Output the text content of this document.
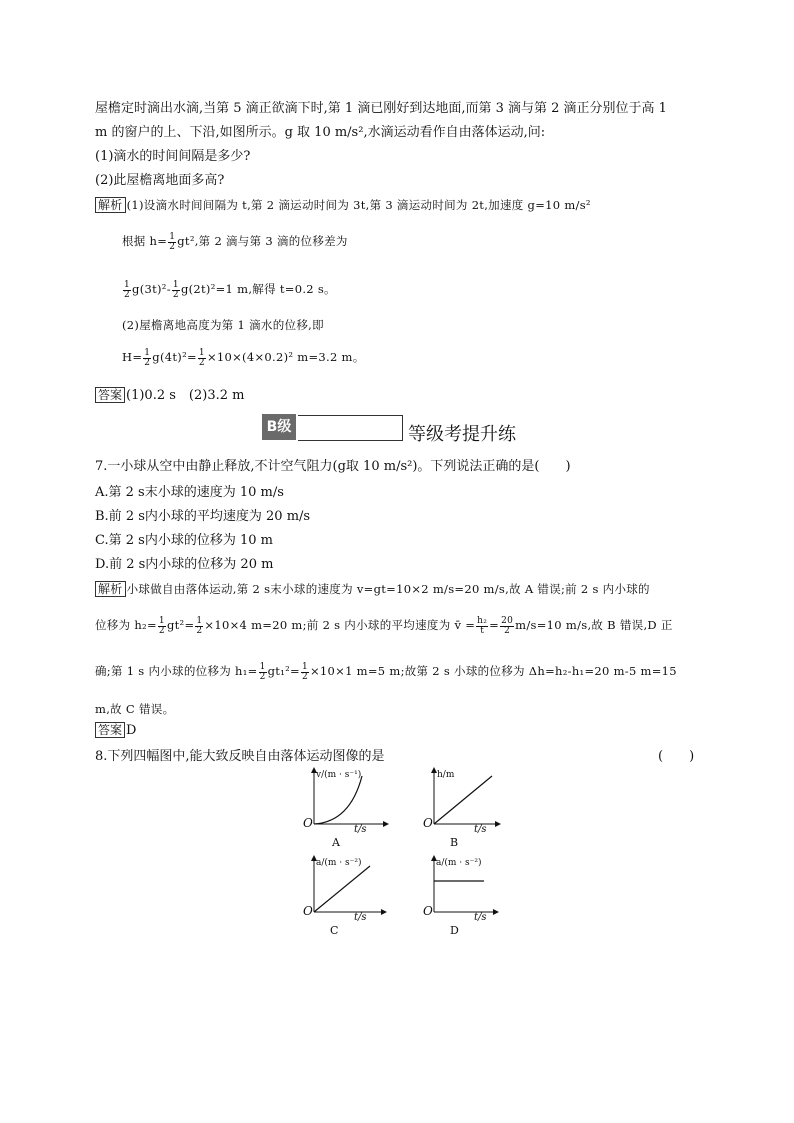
屋檐定时滴出水滴,当第 5 滴正欲滴下时,第 1 滴已刚好到达地面,而第 3 滴与第 2 滴正分别位于高 1
m 的窗户的上、下沿,如图所示。g 取 10 m/s²,水滴运动看作自由落体运动,问:
(1)滴水的时间间隔是多少?
(2)此屋檐离地面多高?
解析 (1)设滴水时间间隔为 t,第 2 滴运动时间为 3t,第 3 滴运动时间为 2t,加速度 g=10 m/s²
根据 $h= \frac{1}{2} gt^2$,第 2 滴与第 3 滴的位移差为
$\frac{1}{2} g(3t)^2- \frac{1}{2} g(2t)^2=1$ m,解得 t=0.2 s。
(2)屋檐离地高度为第 1 滴水的位移,即
$H= \frac{1}{2} g(4t)^2= \frac{1}{2} \times 10\times(4\times 0.2)^2$ m=3.2 m。
答案 (1)0.2 s　(2)3.2 m
B级	等级考提升练
7.一小球从空中由静止释放,不计空气阻力(g取 10 m/s²)。下列说法正确的是(　　)
A.第 2 s末小球的速度为 10 m/s
B.前 2 s内小球的平均速度为 20 m/s
C.第 2 s内小球的位移为 10 m
D.前 2 s内小球的位移为 20 m
解析 小球做自由落体运动,第 2 s末小球的速度为 v=gt=10×2 m/s=20 m/s,故 A 错误;前 2 s 内小球的
位移为 $h_2= \frac{1}{2} gt^2= \frac{1}{2} \times 10\times 4$ m=20 m;前 2 s 内小球的平均速度为 v̄ = $\frac{\text{h₂}}{t} = \frac{20}{2} m/s=10$ m/s,故 B 错误,D 正
确;第 1 s 内小球的位移为 $h_1= \frac{1}{2} gt_1^2= \frac{1}{2} \times 10\times 1$ m=5 m;故第 2 s 小球的位移为 Δh=h₂-h₁=20 m-5 m=15
m,故 C 错误。
答案 D
8.下列四幅图中,能大致反映自由落体运动图像的是	(　　)
v/(m · s⁻¹)
O	t/s
A
h/m
O	t/s
B
a/(m · s⁻²)
O	t/s
C
a/(m · s⁻²)
O	t/s
D
